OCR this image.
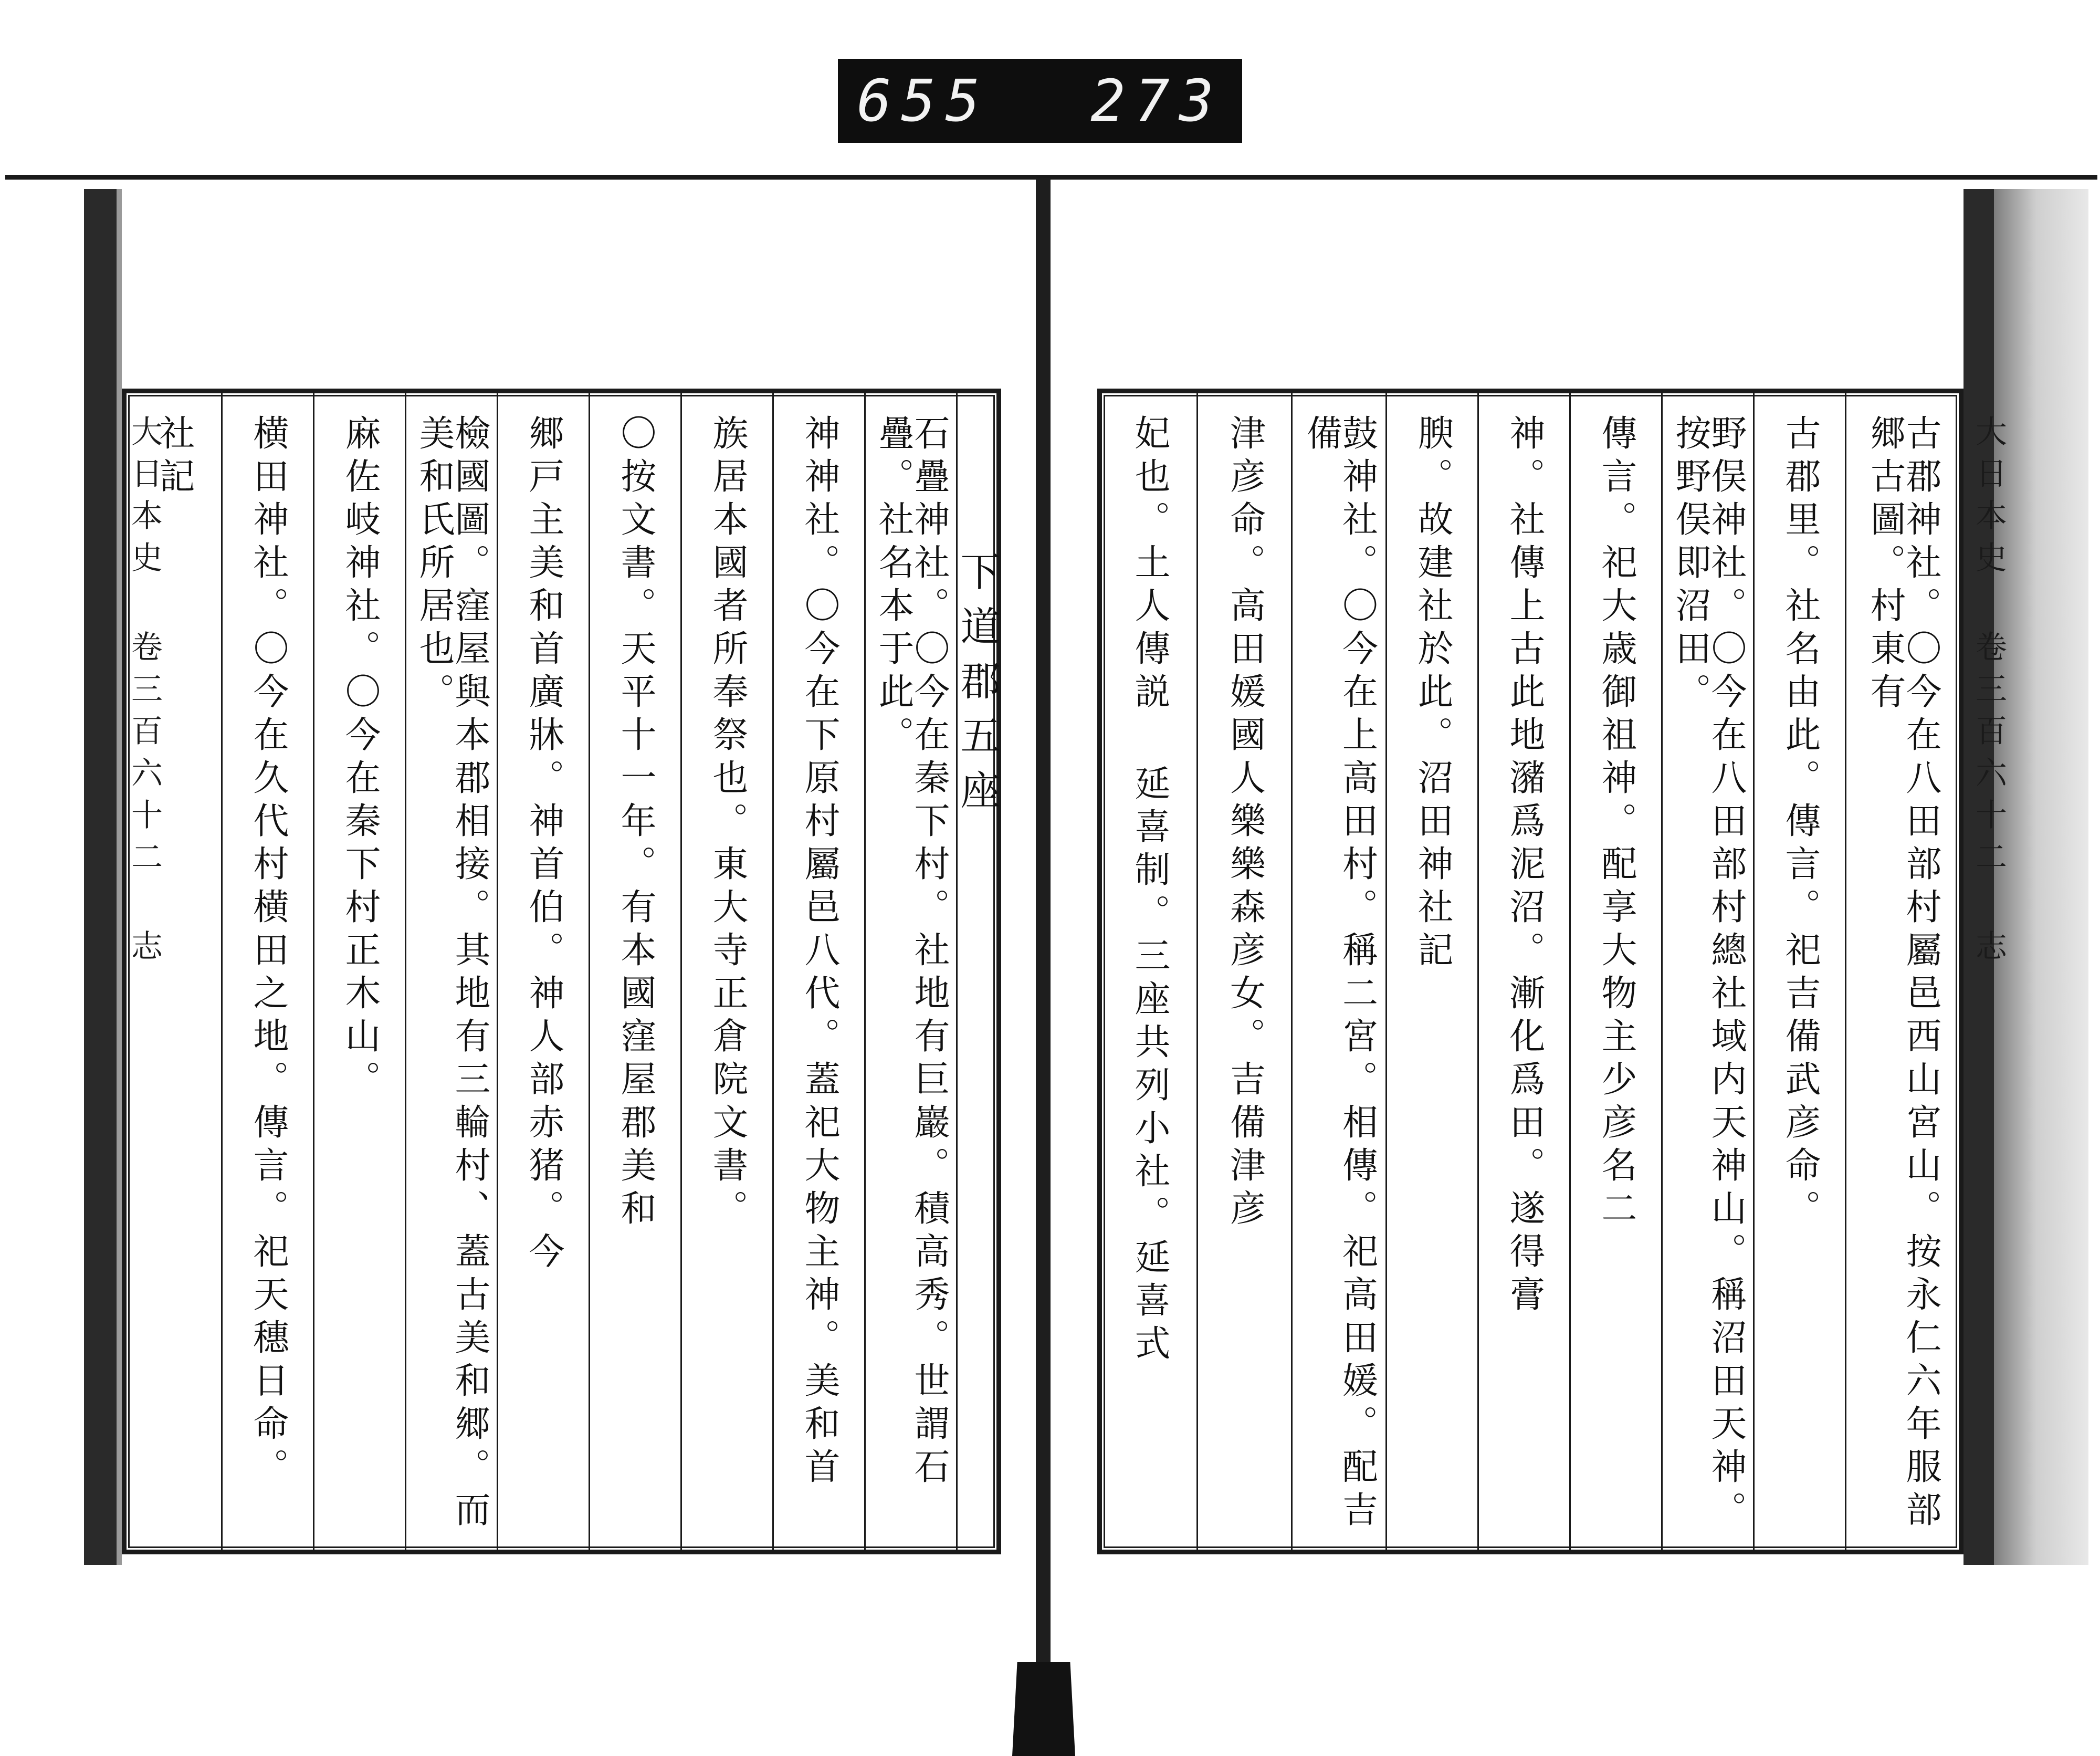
655 273
大日本史 卷三百六十二 志	大日本史 卷三百六十二 志
社記 横田神社。〇今在久代村横田之地。傳言。祀天穗日命。 麻佐岐神社。〇今在秦下村正木山。	檢國圖。窪屋與本郡相接。其地有三輪村、蓋古美和郷。而美和氏所居也。	郷戸主美和首廣牀。神首伯。神人部赤猪。今 〇按文書。天平十一年。有本國窪屋郡美和 族居本國者所奉祭也。東大寺正倉院文書。 神神社。〇今在下原村屬邑八代。蓋祀大物主神。美和首	石疊神社。〇今在秦下村。社地有巨巖。積高秀。世謂石疊。社名本于此。	下道郡五座	妃也。土人傳説 延喜制。三座共列小社。延喜式 津彦命。高田媛國人樂樂森彦女。吉備津彦	鼓神社。〇今在上高田村。稱二宮。相傳。祀高田媛。配吉備	腴。故建社於此。沼田神社記 神。社傳上古此地瀦爲泥沼。漸化爲田。遂得膏 傳言。祀大歳御祖神。配享大物主少彦名二	野俣神社。〇今在八田部村總社域内天神山。稱沼田天神。按野俣即沼田。	古郡里。社名由此。傳言。祀吉備武彦命。	古郡神社。〇今在八田部村屬邑西山宮山。按永仁六年服部郷古圖。村東有
